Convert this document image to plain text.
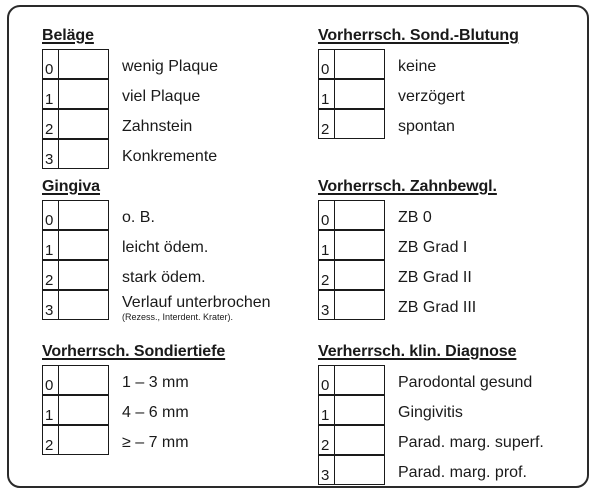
Beläge
0	wenig Plaque
1	viel Plaque
2	Zahnstein
3	Konkremente
Vorherrsch. Sond.-Blutung
0	keine
1	verzögert
2	spontan
Gingiva
0	o. B.
1	leicht ödem.
2	stark ödem.
3	Verlauf unterbrochen
(Rezess., Interdent. Krater).
Vorherrsch. Zahnbewgl.
0	ZB 0
1	ZB Grad I
2	ZB Grad II
3	ZB Grad III
Vorherrsch. Sondiertiefe
0	1 – 3 mm
1	4 – 6 mm
2	≥ – 7 mm
Verherrsch. klin. Diagnose
0	Parodontal gesund
1	Gingivitis
2	Parad. marg. superf.
3	Parad. marg. prof.
